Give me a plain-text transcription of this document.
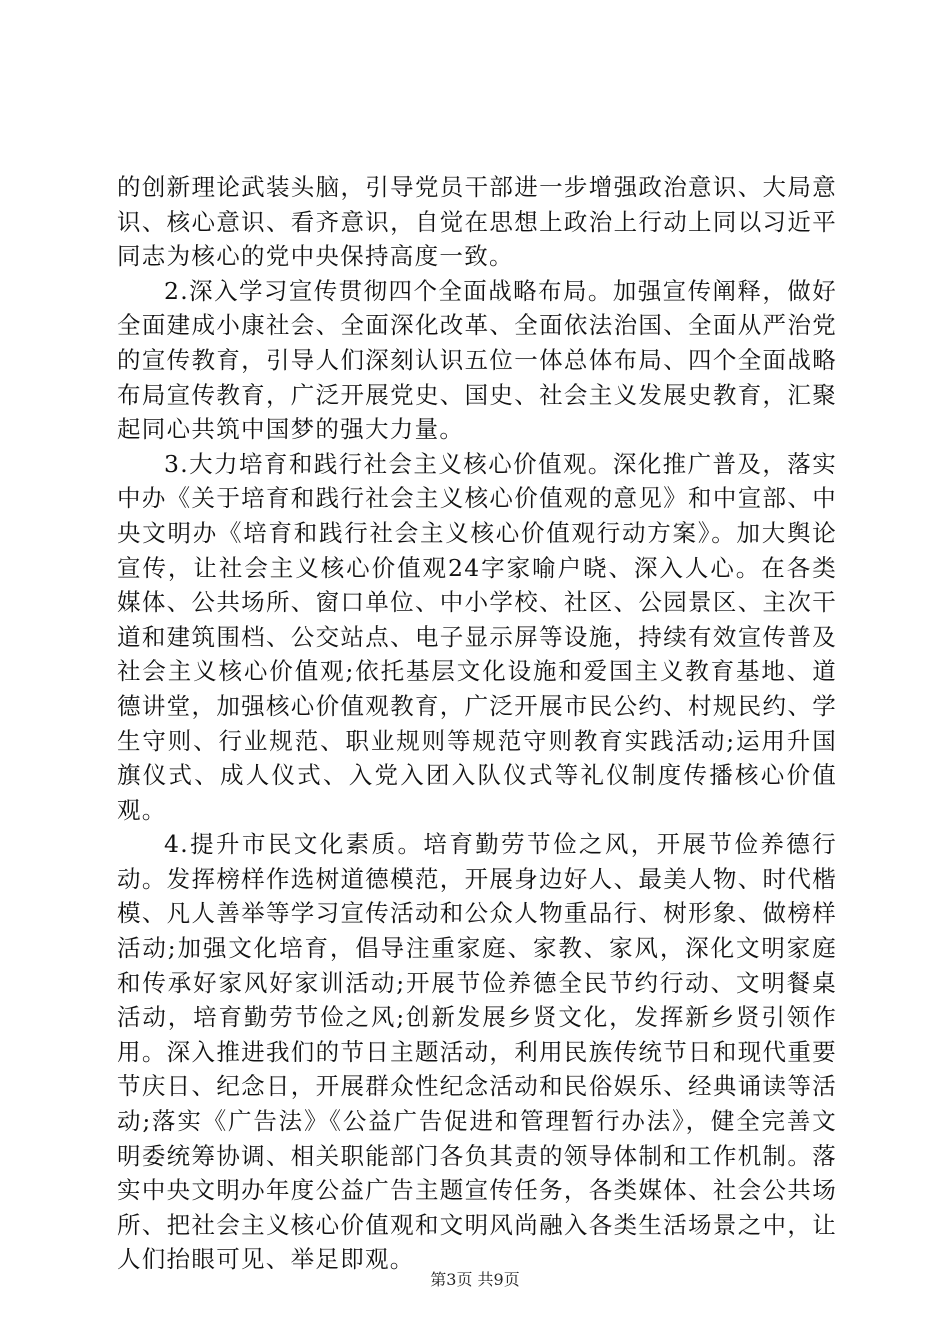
的创新理论武装头脑，引导党员干部进一步增强政治意识、大局意识、核心意识、看齐意识，自觉在思想上政治上行动上同以习近平同志为核心的党中央保持高度一致。

2.深入学习宣传贯彻四个全面战略布局。加强宣传阐释，做好全面建成小康社会、全面深化改革、全面依法治国、全面从严治党的宣传教育，引导人们深刻认识五位一体总体布局、四个全面战略布局宣传教育，广泛开展党史、国史、社会主义发展史教育，汇聚起同心共筑中国梦的强大力量。

3.大力培育和践行社会主义核心价值观。深化推广普及，落实中办《关于培育和践行社会主义核心价值观的意见》和中宣部、中央文明办《培育和践行社会主义核心价值观行动方案》。加大舆论宣传，让社会主义核心价值观24字家喻户晓、深入人心。在各类媒体、公共场所、窗口单位、中小学校、社区、公园景区、主次干道和建筑围档、公交站点、电子显示屏等设施，持续有效宣传普及社会主义核心价值观;依托基层文化设施和爱国主义教育基地、道德讲堂，加强核心价值观教育，广泛开展市民公约、村规民约、学生守则、行业规范、职业规则等规范守则教育实践活动;运用升国旗仪式、成人仪式、入党入团入队仪式等礼仪制度传播核心价值观。

4.提升市民文化素质。培育勤劳节俭之风，开展节俭养德行动。发挥榜样作选树道德模范，开展身边好人、最美人物、时代楷模、凡人善举等学习宣传活动和公众人物重品行、树形象、做榜样活动;加强文化培育，倡导注重家庭、家教、家风，深化文明家庭和传承好家风好家训活动;开展节俭养德全民节约行动、文明餐桌活动，培育勤劳节俭之风;创新发展乡贤文化，发挥新乡贤引领作用。深入推进我们的节日主题活动，利用民族传统节日和现代重要节庆日、纪念日，开展群众性纪念活动和民俗娱乐、经典诵读等活动;落实《广告法》《公益广告促进和管理暂行办法》，健全完善文明委统筹协调、相关职能部门各负其责的领导体制和工作机制。落实中央文明办年度公益广告主题宣传任务，各类媒体、社会公共场所、把社会主义核心价值观和文明风尚融入各类生活场景之中，让人们抬眼可见、举足即观。

第3页 共9页
